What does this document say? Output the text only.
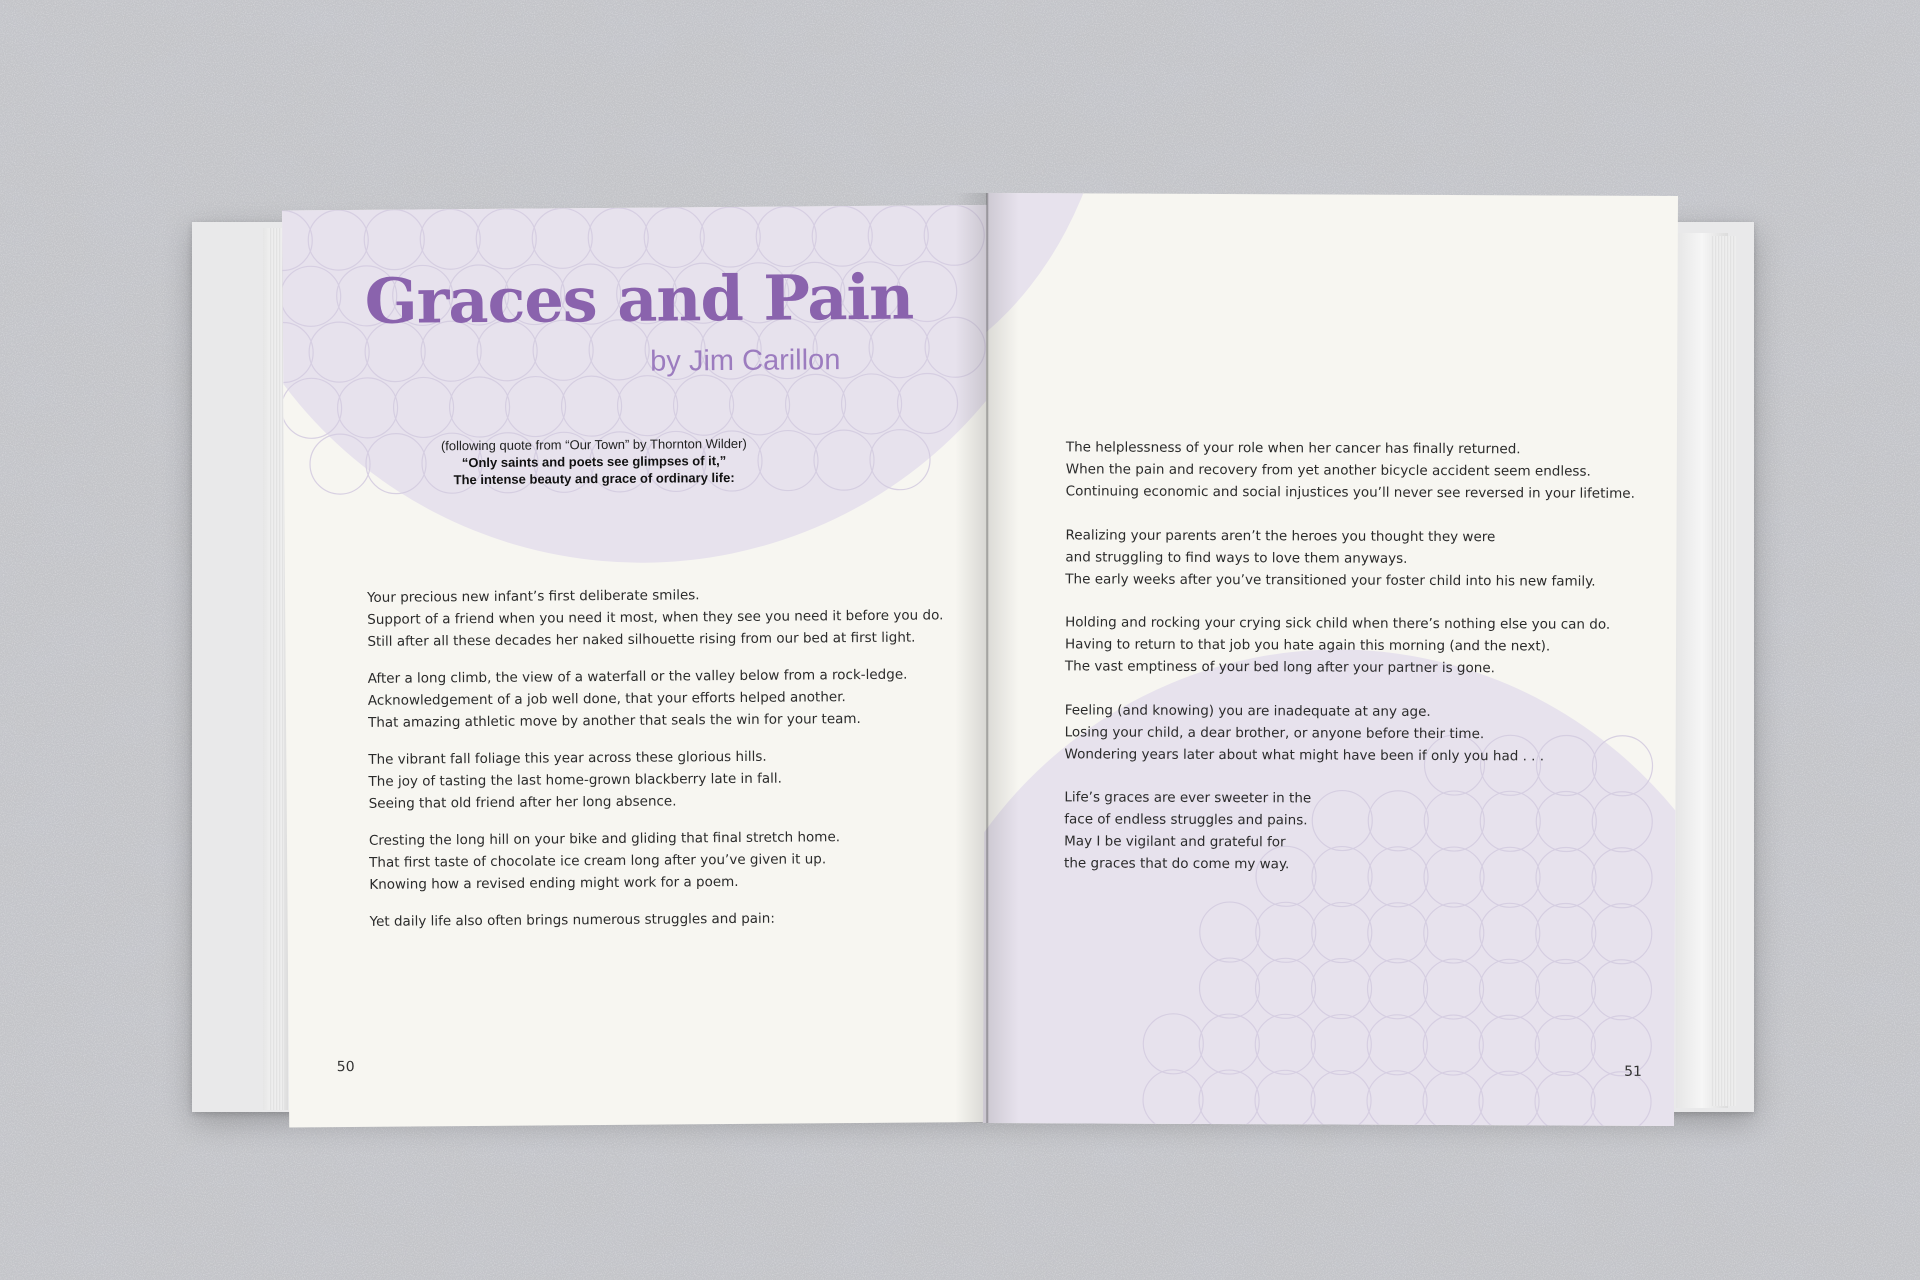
Graces and Pain
by Jim Carillon
(following quote from “Our Town” by Thornton Wilder)
“Only saints and poets see glimpses of it,”
The intense beauty and grace of ordinary life:
Your precious new infant’s first deliberate smiles.
Support of a friend when you need it most, when they see you need it before you do.
Still after all these decades her naked silhouette rising from our bed at first light.
After a long climb, the view of a waterfall or the valley below from a rock-ledge.
Acknowledgement of a job well done, that your efforts helped another.
That amazing athletic move by another that seals the win for your team.
The vibrant fall foliage this year across these glorious hills.
The joy of tasting the last home-grown blackberry late in fall.
Seeing that old friend after her long absence.
Cresting the long hill on your bike and gliding that final stretch home.
That first taste of chocolate ice cream long after you’ve given it up.
Knowing how a revised ending might work for a poem.
Yet daily life also often brings numerous struggles and pain:
50
The helplessness of your role when her cancer has finally returned.
When the pain and recovery from yet another bicycle accident seem endless.
Continuing economic and social injustices you’ll never see reversed in your lifetime.
Realizing your parents aren’t the heroes you thought they were
and struggling to find ways to love them anyways.
The early weeks after you’ve transitioned your foster child into his new family.
Holding and rocking your crying sick child when there’s nothing else you can do.
Having to return to that job you hate again this morning (and the next).
The vast emptiness of your bed long after your partner is gone.
Feeling (and knowing) you are inadequate at any age.
Losing your child, a dear brother, or anyone before their time.
Wondering years later about what might have been if only you had . . .
Life’s graces are ever sweeter in the
face of endless struggles and pains.
May I be vigilant and grateful for
the graces that do come my way.
51
